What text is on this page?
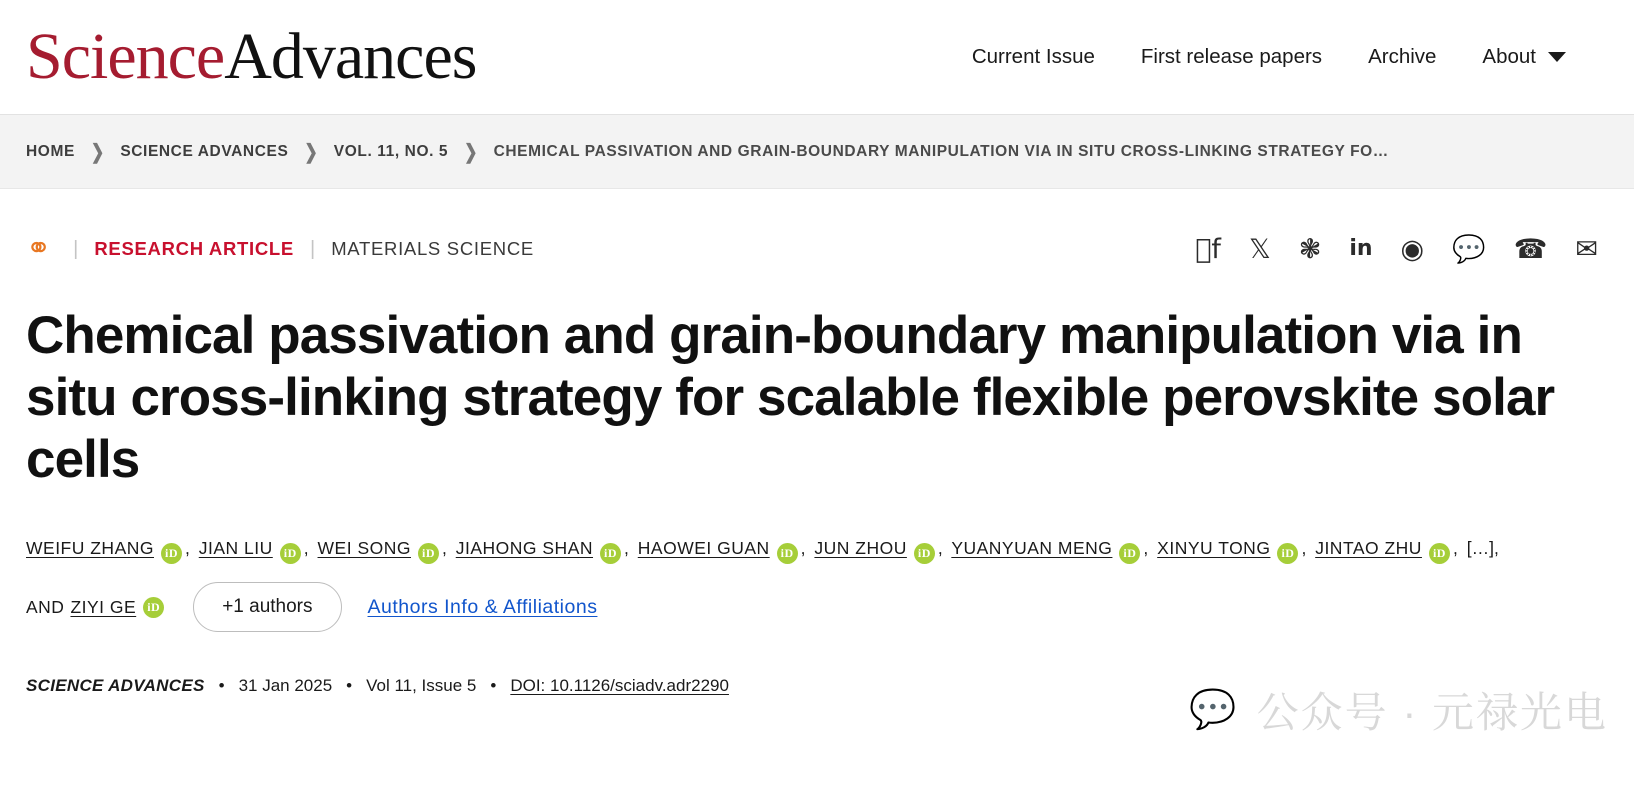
Science Advances	Current Issue First release papers Archive About
HOME ❯ SCIENCE ADVANCES ❯ VOL. 11, NO. 5 ❯ CHEMICAL PASSIVATION AND GRAIN-BOUNDARY MANIPULATION VIA IN SITU CROSS-LINKING STRATEGY FO…
⚭ | RESEARCH ARTICLE | MATERIALS SCIENCE	f 𝕏 ❃ in ◉ 💬 ☎ ✉
Chemical passivation and grain-boundary manipulation via in situ cross-linking strategy for scalable flexible perovskite solar cells
WEIFU ZHANG iD , JIAN LIU iD , WEI SONG iD , JIAHONG SHAN iD , HAOWEI GUAN iD , JUN ZHOU iD , YUANYUAN MENG iD , XINYU TONG iD , JINTAO ZHU iD , […],
AND ZIYI GE iD	+1 authors	Authors Info & Affiliations
SCIENCE ADVANCES • 31 Jan 2025 • Vol 11, Issue 5 • DOI: 10.1126/sciadv.adr2290
💬 公众号 · 元禄光电
